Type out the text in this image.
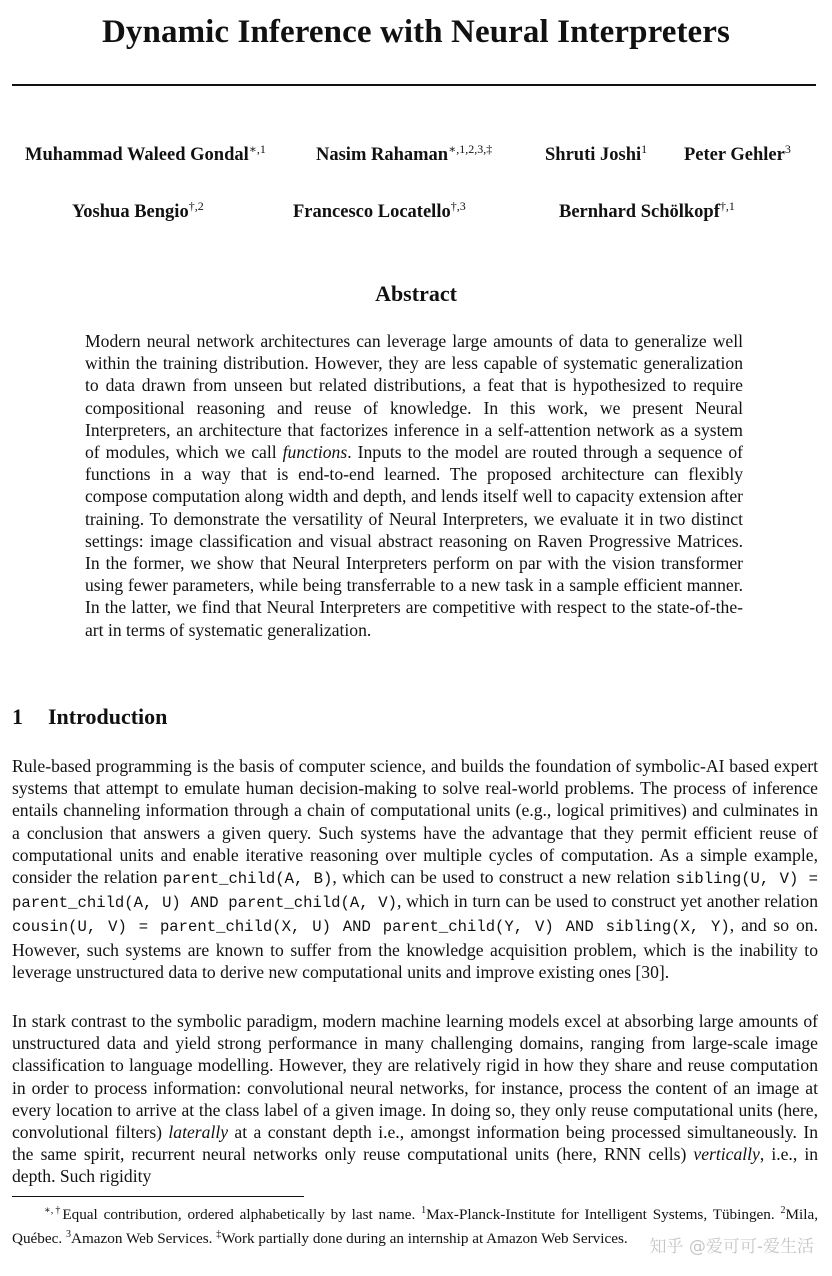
Dynamic Inference with Neural Interpreters
Muhammad Waleed Gondal$^{∗,1}$	Nasim Rahaman$^{∗,1,2,3,\ddagger}$	Shruti Joshi$^1$ Peter Gehler$^3$
Yoshua Bengio$^{\dagger,2}$	Francesco Locatello$^{\dagger,3}$	Bernhard Schölkopf$^{\dagger,1}$
Abstract
Modern neural network architectures can leverage large amounts of data to generalize well within the training distribution. However, they are less capable of systematic generalization to data drawn from unseen but related distributions, a feat that is hypothesized to require compositional reasoning and reuse of knowledge. In this work, we present Neural Interpreters, an architecture that factorizes inference in a self-attention network as a system of modules, which we call functions. Inputs to the model are routed through a sequence of functions in a way that is end-to-end learned. The proposed architecture can flexibly compose computation along width and depth, and lends itself well to capacity extension after training. To demonstrate the versatility of Neural Interpreters, we evaluate it in two distinct settings: image classification and visual abstract reasoning on Raven Progressive Matrices. In the former, we show that Neural Interpreters perform on par with the vision transformer using fewer parameters, while being transferrable to a new task in a sample efficient manner. In the latter, we find that Neural Interpreters are competitive with respect to the state-of-the-art in terms of systematic generalization.
1 Introduction
Rule-based programming is the basis of computer science, and builds the foundation of symbolic-AI based expert systems that attempt to emulate human decision-making to solve real-world problems. The process of inference entails channeling information through a chain of computational units (e.g., logical primitives) and culminates in a conclusion that answers a given query. Such systems have the advantage that they permit efficient reuse of computational units and enable iterative reasoning over multiple cycles of computation. As a simple example, consider the relation parent_child(A, B), which can be used to construct a new relation sibling(U, V) = parent_child(A, U) AND parent_child(A, V), which in turn can be used to construct yet another relation cousin(U, V) = parent_child(X, U) AND parent_child(Y, V) AND sibling(X, Y), and so on. However, such systems are known to suffer from the knowledge acquisition problem, which is the inability to leverage unstructured data to derive new computational units and improve existing ones [30].
In stark contrast to the symbolic paradigm, modern machine learning models excel at absorbing large amounts of unstructured data and yield strong performance in many challenging domains, ranging from large-scale image classification to language modelling. However, they are relatively rigid in how they share and reuse computation in order to process information: convolutional neural networks, for instance, process the content of an image at every location to arrive at the class label of a given image. In doing so, they only reuse computational units (here, convolutional filters) laterally at a constant depth i.e., amongst information being processed simultaneously. In the same spirit, recurrent neural networks only reuse computational units (here, RNN cells) vertically, i.e., in depth. Such rigidity
∗,†Equal contribution, ordered alphabetically by last name. $^1$Max-Planck-Institute for Intelligent Systems, Tübingen. $^2$Mila, Québec. $^3$Amazon Web Services. ‡Work partially done during an internship at Amazon Web Services.	知乎 @爱可可-爱生活
